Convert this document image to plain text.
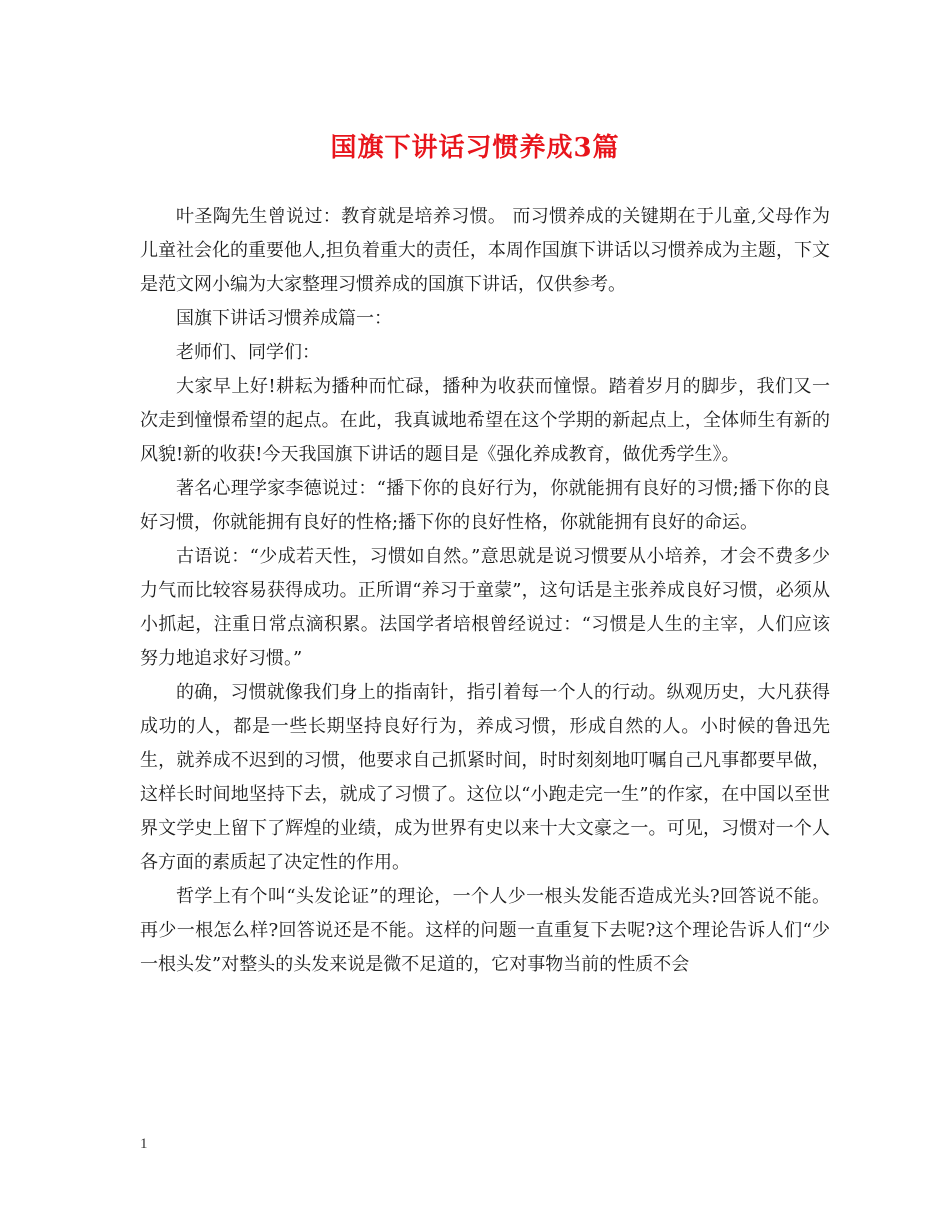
国旗下讲话习惯养成3篇

叶圣陶先生曾说过：教育就是培养习惯。 而习惯养成的关键期在于儿童,父母作为儿童社会化的重要他人,担负着重大的责任，本周作国旗下讲话以习惯养成为主题，下文是范文网小编为大家整理习惯养成的国旗下讲话，仅供参考。

国旗下讲话习惯养成篇一：

老师们、同学们：

大家早上好!耕耘为播种而忙碌，播种为收获而憧憬。踏着岁月的脚步，我们又一次走到憧憬希望的起点。在此，我真诚地希望在这个学期的新起点上，全体师生有新的风貌!新的收获!今天我国旗下讲话的题目是《强化养成教育，做优秀学生》。

著名心理学家李德说过：“播下你的良好行为，你就能拥有良好的习惯;播下你的良好习惯，你就能拥有良好的性格;播下你的良好性格，你就能拥有良好的命运。

古语说：“少成若天性，习惯如自然。”意思就是说习惯要从小培养，才会不费多少力气而比较容易获得成功。正所谓“养习于童蒙”，这句话是主张养成良好习惯，必须从小抓起，注重日常点滴积累。法国学者培根曾经说过：“习惯是人生的主宰，人们应该努力地追求好习惯。”

的确，习惯就像我们身上的指南针，指引着每一个人的行动。纵观历史，大凡获得成功的人，都是一些长期坚持良好行为，养成习惯，形成自然的人。小时候的鲁迅先生，就养成不迟到的习惯，他要求自己抓紧时间，时时刻刻地叮嘱自己凡事都要早做，这样长时间地坚持下去，就成了习惯了。这位以“小跑走完一生”的作家，在中国以至世界文学史上留下了辉煌的业绩，成为世界有史以来十大文豪之一。可见，习惯对一个人各方面的素质起了决定性的作用。

哲学上有个叫“头发论证”的理论，一个人少一根头发能否造成光头?回答说不能。再少一根怎么样?回答说还是不能。这样的问题一直重复下去呢?这个理论告诉人们“少一根头发”对整头的头发来说是微不足道的，它对事物当前的性质不会

1
